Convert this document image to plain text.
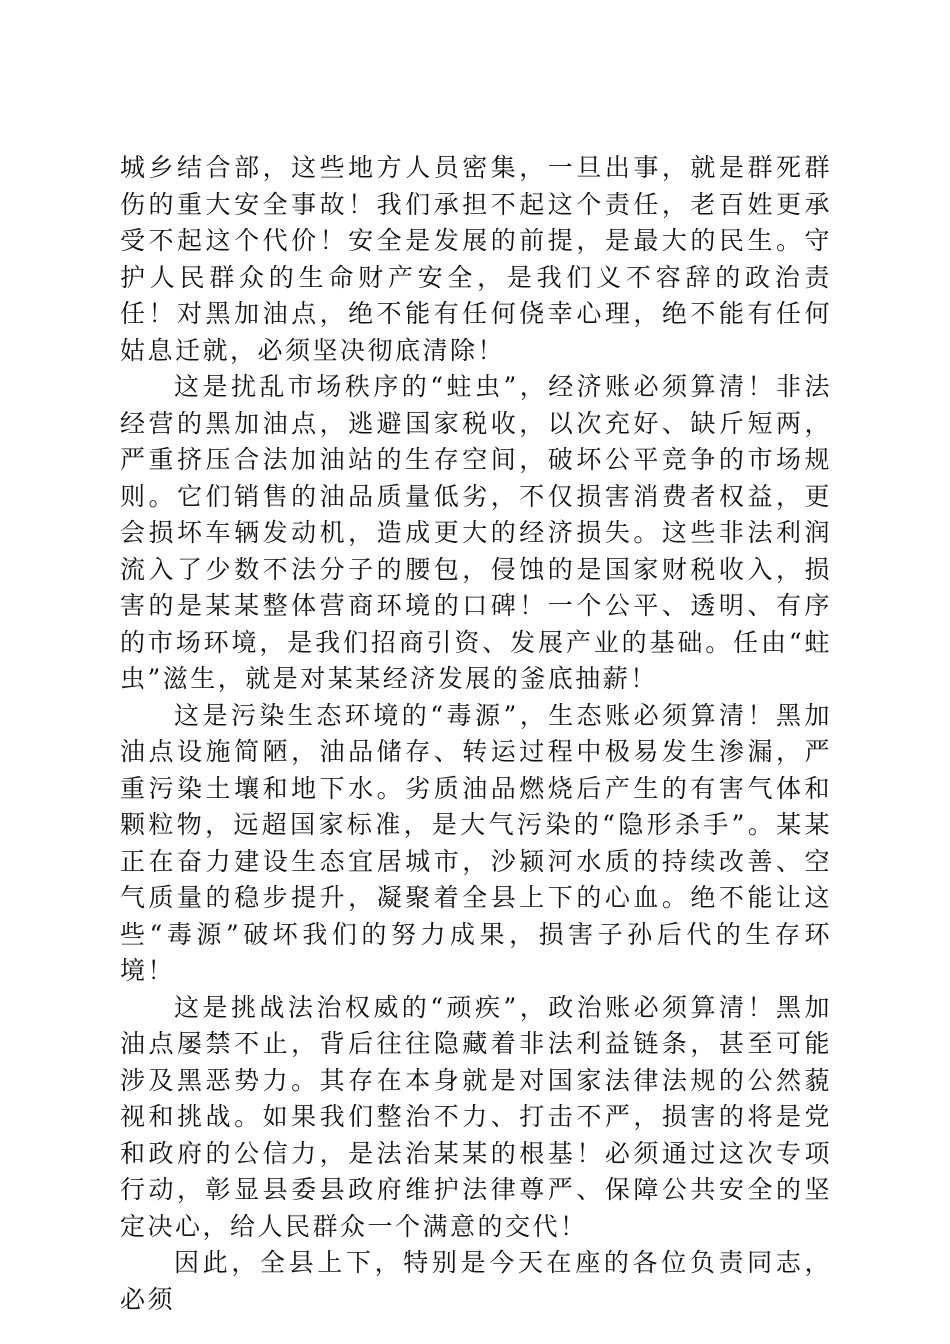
城乡结合部，这些地方人员密集，一旦出事，就是群死群伤的重大安全事故！我们承担不起这个责任，老百姓更承受不起这个代价！安全是发展的前提，是最大的民生。守护人民群众的生命财产安全，是我们义不容辞的政治责任！对黑加油点，绝不能有任何侥幸心理，绝不能有任何姑息迁就，必须坚决彻底清除！

这是扰乱市场秩序的“蛀虫”，经济账必须算清！非法经营的黑加油点，逃避国家税收，以次充好、缺斤短两，严重挤压合法加油站的生存空间，破坏公平竞争的市场规则。它们销售的油品质量低劣，不仅损害消费者权益，更会损坏车辆发动机，造成更大的经济损失。这些非法利润流入了少数不法分子的腰包，侵蚀的是国家财税收入，损害的是某某整体营商环境的口碑！一个公平、透明、有序的市场环境，是我们招商引资、发展产业的基础。任由“蛀虫”滋生，就是对某某经济发展的釜底抽薪！

这是污染生态环境的“毒源”，生态账必须算清！黑加油点设施简陋，油品储存、转运过程中极易发生渗漏，严重污染土壤和地下水。劣质油品燃烧后产生的有害气体和颗粒物，远超国家标准，是大气污染的“隐形杀手”。某某正在奋力建设生态宜居城市，沙颍河水质的持续改善、空气质量的稳步提升，凝聚着全县上下的心血。绝不能让这些“毒源”破坏我们的努力成果，损害子孙后代的生存环境！

这是挑战法治权威的“顽疾”，政治账必须算清！黑加油点屡禁不止，背后往往隐藏着非法利益链条，甚至可能涉及黑恶势力。其存在本身就是对国家法律法规的公然藐视和挑战。如果我们整治不力、打击不严，损害的将是党和政府的公信力，是法治某某的根基！必须通过这次专项行动，彰显县委县政府维护法律尊严、保障公共安全的坚定决心，给人民群众一个满意的交代！

因此，全县上下，特别是今天在座的各位负责同志，必须
